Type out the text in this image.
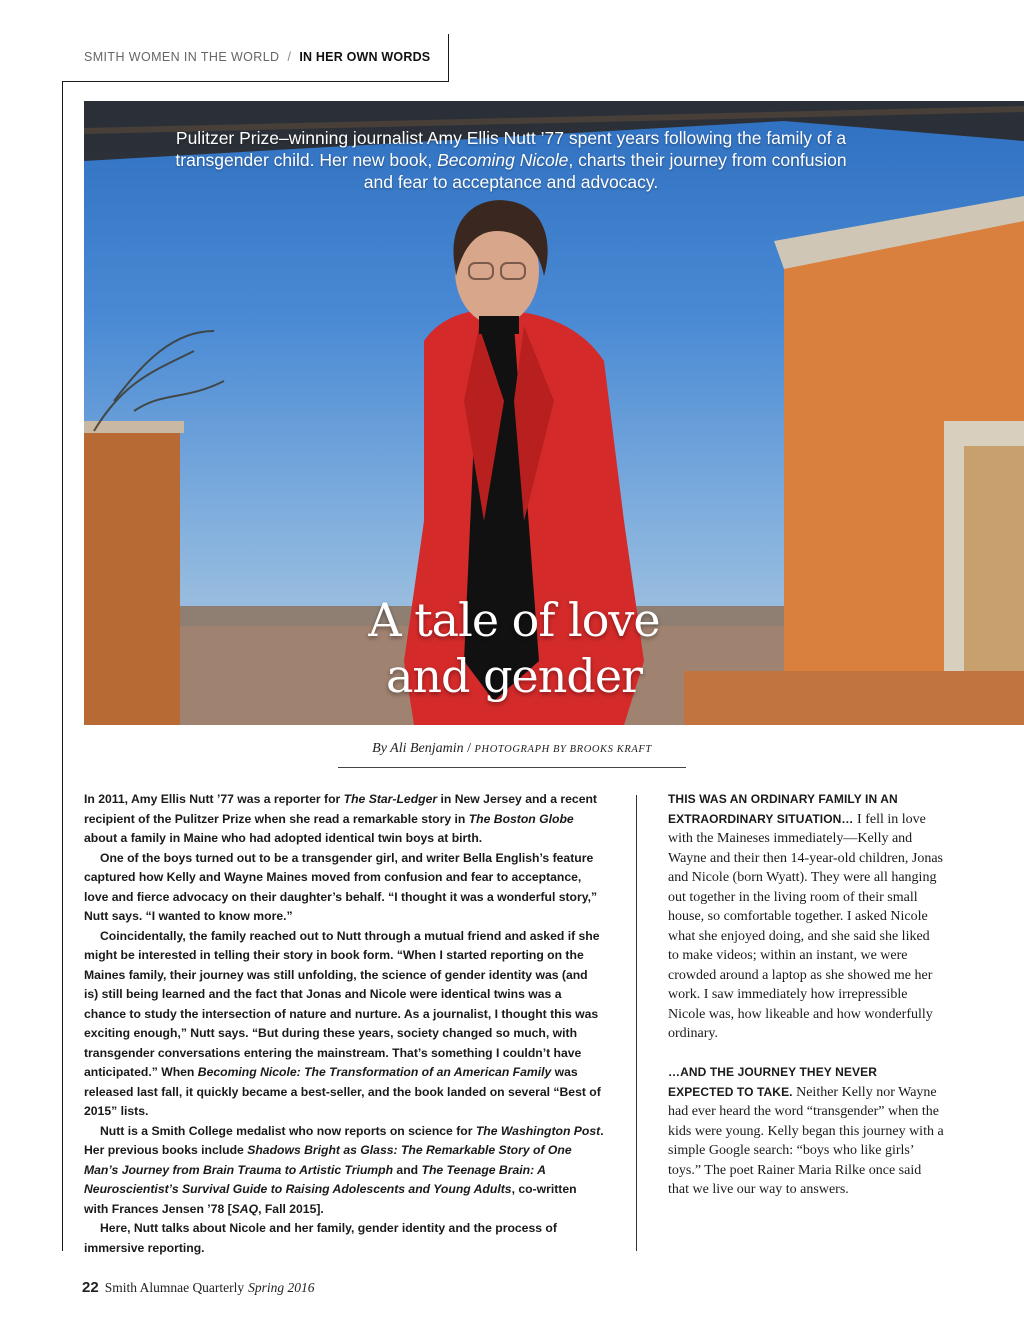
SMITH WOMEN IN THE WORLD / IN HER OWN WORDS

Pulitzer Prize–winning journalist Amy Ellis Nutt ’77 spent years following the family of a transgender child. Her new book, Becoming Nicole, charts their journey from confusion and fear to acceptance and advocacy.

A tale of love
and gender
By Ali Benjamin / PHOTOGRAPH BY BROOKS KRAFT

In 2011, Amy Ellis Nutt ’77 was a reporter for The Star-Ledger in New Jersey and a recent recipient of the Pulitzer Prize when she read a remarkable story in The Boston Globe about a family in Maine who had adopted identical twin boys at birth.

One of the boys turned out to be a transgender girl, and writer Bella English’s feature captured how Kelly and Wayne Maines moved from confusion and fear to acceptance, love and fierce advocacy on their daughter’s behalf. “I thought it was a wonderful story,” Nutt says. “I wanted to know more.”

Coincidentally, the family reached out to Nutt through a mutual friend and asked if she might be interested in telling their story in book form. “When I started reporting on the Maines family, their journey was still unfolding, the science of gender identity was (and is) still being learned and the fact that Jonas and Nicole were identical twins was a chance to study the intersection of nature and nurture. As a journalist, I thought this was exciting enough,” Nutt says. “But during these years, society changed so much, with transgender conversations entering the mainstream. That’s something I couldn’t have anticipated.” When Becoming Nicole: The Transformation of an American Family was released last fall, it quickly became a best-seller, and the book landed on several “Best of 2015” lists.

Nutt is a Smith College medalist who now reports on science for The Washington Post. Her previous books include Shadows Bright as Glass: The Remarkable Story of One Man’s Journey from Brain Trauma to Artistic Triumph and The Teenage Brain: A Neuroscientist’s Survival Guide to Raising Adolescents and Young Adults, co-written with Frances Jensen ’78 [SAQ, Fall 2015].

Here, Nutt talks about Nicole and her family, gender identity and the process of immersive reporting.

THIS WAS AN ORDINARY FAMILY IN AN EXTRAORDINARY SITUATION… I fell in love with the Maineses immediately—Kelly and Wayne and their then 14-year-old children, Jonas and Nicole (born Wyatt). They were all hanging out together in the living room of their small house, so comfortable together. I asked Nicole what she enjoyed doing, and she said she liked to make videos; within an instant, we were crowded around a laptop as she showed me her work. I saw immediately how irrepressible Nicole was, how likeable and how wonderfully ordinary.

…AND THE JOURNEY THEY NEVER EXPECTED TO TAKE. Neither Kelly nor Wayne had ever heard the word “transgender” when the kids were young. Kelly began this journey with a simple Google search: “boys who like girls’ toys.” The poet Rainer Maria Rilke once said that we live our way to answers.

22 Smith Alumnae Quarterly Spring 2016
